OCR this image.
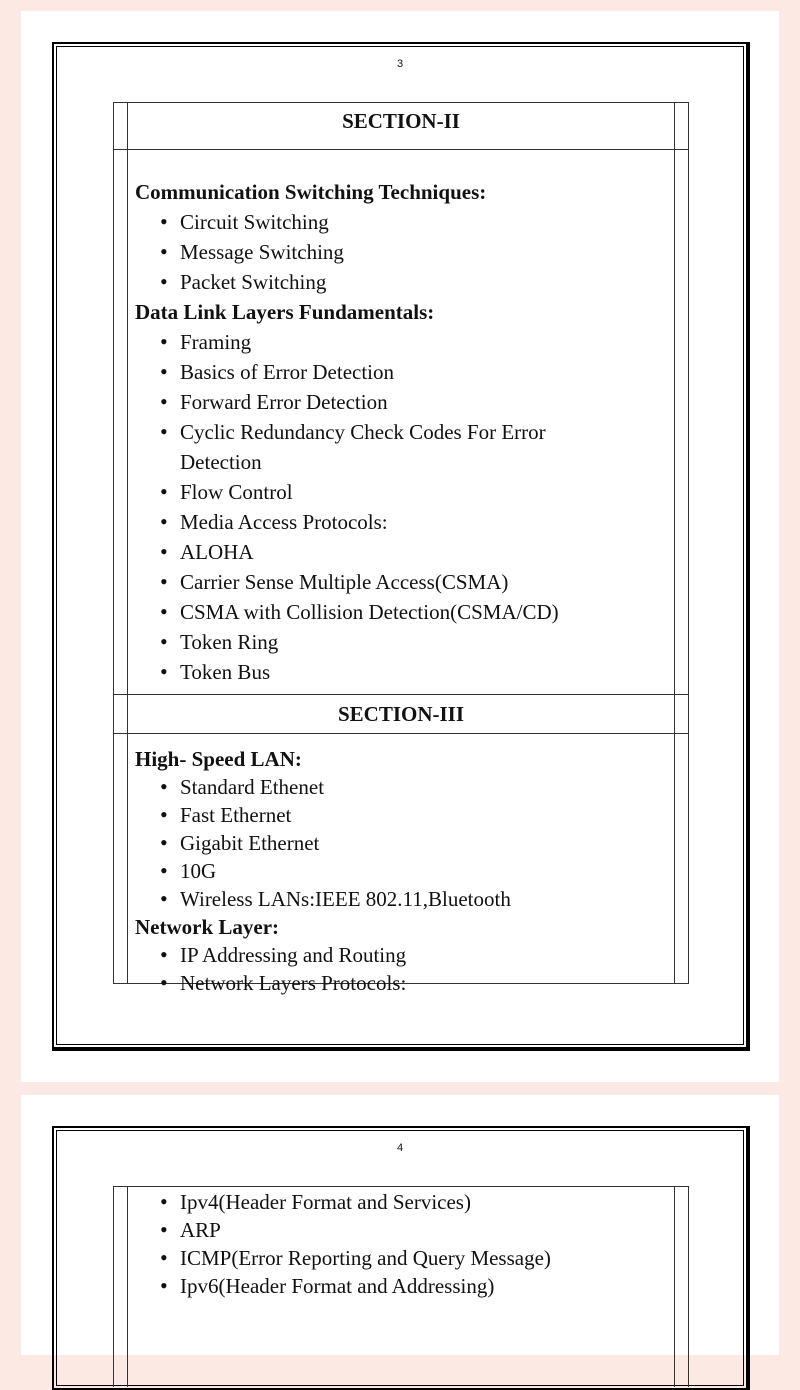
3
SECTION-II
Communication Switching Techniques:
• Circuit Switching
• Message Switching
• Packet Switching
Data Link Layers Fundamentals:
• Framing
• Basics of Error Detection
• Forward Error Detection
• Cyclic Redundancy Check Codes For Error
Detection
• Flow Control
• Media Access Protocols:
• ALOHA
• Carrier Sense Multiple Access(CSMA)
• CSMA with Collision Detection(CSMA/CD)
• Token Ring
• Token Bus
SECTION-III
High- Speed LAN:
• Standard Ethenet
• Fast Ethernet
• Gigabit Ethernet
• 10G
• Wireless LANs:IEEE 802.11,Bluetooth
Network Layer:
• IP Addressing and Routing
• Network Layers Protocols:
4
• Ipv4(Header Format and Services)
• ARP
• ICMP(Error Reporting and Query Message)
• Ipv6(Header Format and Addressing)
